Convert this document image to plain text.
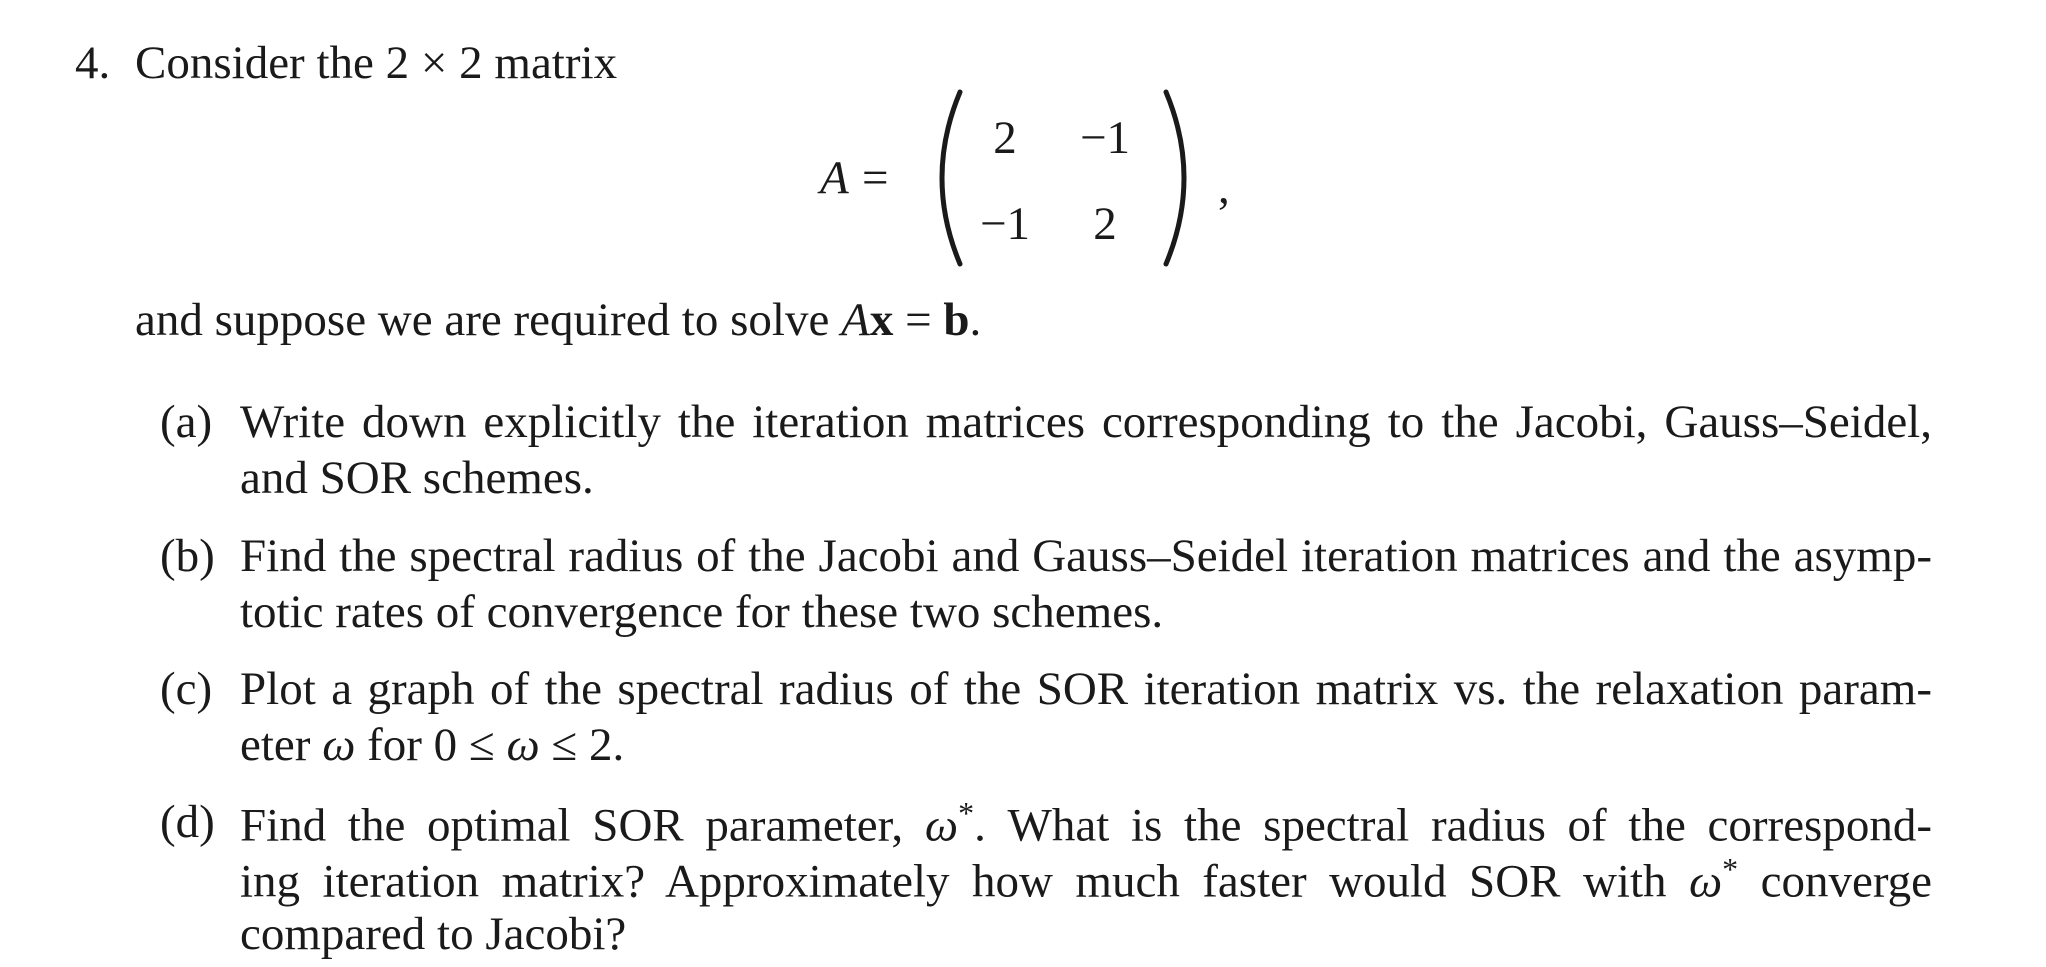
4. Consider the 2 × 2 matrix
A =
2	−1
−1	2
,
and suppose we are required to solve Ax = b.
(a) Write down explicitly the iteration matrices corresponding to the Jacobi, Gauss–Seidel,
and SOR schemes.
(b) Find the spectral radius of the Jacobi and Gauss–Seidel iteration matrices and the asymp-
totic rates of convergence for these two schemes.
(c) Plot a graph of the spectral radius of the SOR iteration matrix vs. the relaxation param-
eter ω for 0 ≤ ω ≤ 2.
(d) Find the optimal SOR parameter, ω*. What is the spectral radius of the correspond-
ing iteration matrix? Approximately how much faster would SOR with ω* converge
compared to Jacobi?
